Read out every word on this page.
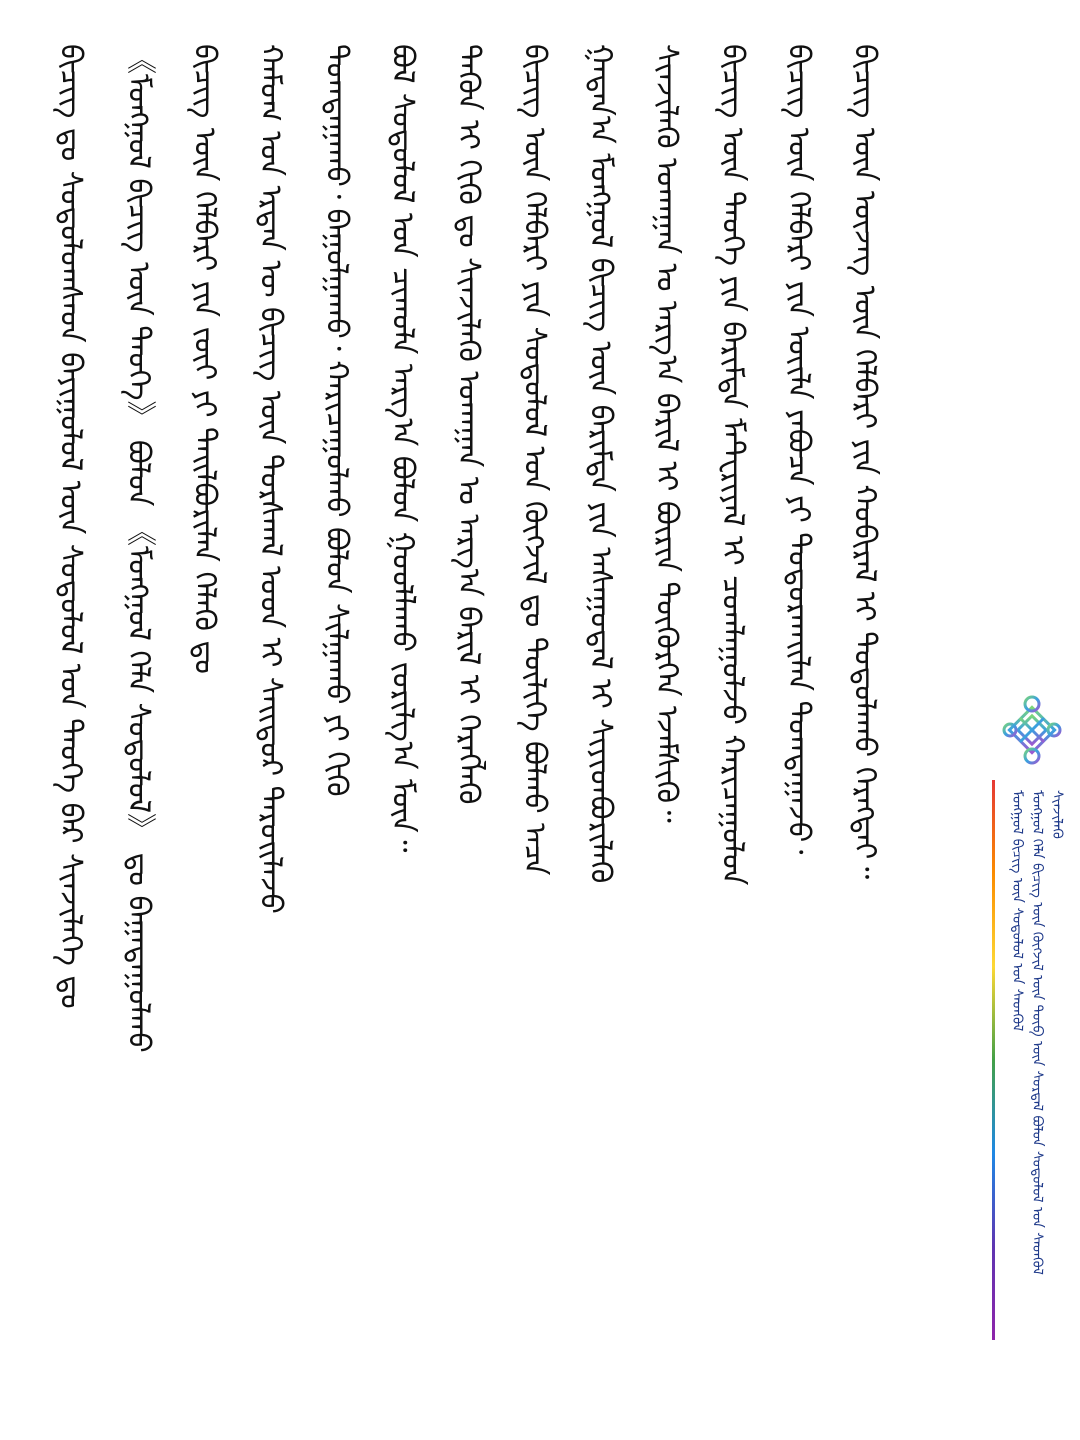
ᠪᠢᠴᠢᠭ ᠳᠤ ᠰᠤᠳᠤᠯᠤᠭᠰᠠᠳ ᠪᠠᠶᠢᠭᠤᠯᠤᠯ ᠦᠨ ᠰᠤᠳᠤᠯᠤᠯ ᠤᠨ ᠲᠡᠦᠬᠡ ᠪᠡᠷ ᠰᠢᠨᠵᠢᠯᠡᠭᠡ ᠳᠤ 《ᠮᠣᠩᠭᠣᠯ ᠪᠢᠴᠢᠭ ᠦᠨ ᠲᠡᠦᠬᠡ》 ᠪᠣᠯᠤᠨ 《ᠮᠣᠩᠭᠣᠯ ᠬᠡᠯᠡ ᠰᠤᠳᠤᠯᠤᠯ》 ᠳᠤ ᠪᠠᠭᠠᠲᠠᠭᠤᠯᠬᠤ ᠪᠢᠴᠢᠭ ᠦᠨ ᠬᠡᠯᠪᠡᠷᠢ ᠶᠢᠨ ᠵᠦᠢ ᠶᠢ ᠲᠠᠢᠯᠪᠤᠷᠢᠯᠠᠨ ᠬᠡᠯᠡᠬᠦ ᠳᠤ ᠬᠠᠮᠤᠭ ᠤᠨ ᠡᠷᠲᠡᠨ ᠦ ᠪᠢᠴᠢᠭ ᠦᠨ ᠳᠤᠷᠰᠬᠠᠯ ᠤᠳ ᠢ ᠰᠠᠢᠲᠤᠷ ᠳᠠᠷᠤᠢᠯᠠᠵᠤ ᠲᠣᠭᠲᠠᠭᠠᠬᠤ᠂ ᠪᠠᠭᠤᠯᠭᠠᠬᠤ᠂ ᠬᠠᠷᠢᠴᠠᠭᠤᠯᠬᠤ ᠪᠣᠯᠤᠨ ᠰᠢᠯᠭᠠᠬᠤ ᠶᠢ ᠬᠢᠬᠦ ᠪᠣᠯ ᠰᠤᠳᠤᠯᠤᠯ ᠤᠨ ᠴᠢᠬᠤᠯᠠ ᠠᠷᠭ᠎ᠠ ᠪᠣᠯᠤᠨ ᠭᠣᠣᠯᠯᠠᠬᠤ ᠵᠣᠷᠢᠯᠭ᠎ᠠ ᠮᠥᠨ᠃ ᠲᠡᠭᠦᠨ ᠢ ᠬᠢᠬᠦ ᠳᠤ ᠰᠢᠨᠵᠢᠯᠡᠬᠦ ᠤᠬᠠᠭᠠᠨ ᠤ ᠠᠷᠭ᠎ᠠ ᠪᠠᠷᠢᠯ ᠢ ᠬᠡᠷᠡᠭᠯᠡᠬᠦ ᠪᠢᠴᠢᠭ ᠦᠨ ᠬᠡᠯᠪᠡᠷᠢ ᠶᠢᠨ ᠰᠤᠳᠤᠯᠤᠯ ᠤᠨ ᠬᠥᠭᠵᠢᠯ ᠳᠤ ᠳᠦᠯᠢᠭᠡ ᠪᠣᠯᠬᠤ ᠠᠴᠠ ᠭᠠᠳᠠᠨ᠎ᠠ ᠮᠣᠩᠭᠣᠯ ᠪᠢᠴᠢᠭ ᠦᠨ ᠪᠠᠷᠢᠮᠲᠠ ᠶᠢᠨ ᠠᠰᠠᠭᠤᠳᠠᠯ ᠢ ᠰᠢᠶᠢᠳᠪᠦᠷᠢᠯᠡᠬᠦ ᠰᠢᠨᠵᠢᠯᠡᠬᠦ ᠤᠬᠠᠭᠠᠨ ᠤ ᠠᠷᠭ᠎ᠠ ᠪᠠᠷᠢᠯ ᠢ ᠪᠦᠷᠢᠨ ᠳᠦᠭᠦᠷᠭᠡᠨ ᠡᠵᠡᠮᠰᠢᠬᠦ᠃ ᠪᠢᠴᠢᠭ ᠦᠨ ᠲᠡᠦᠬᠡ ᠶᠢᠨ ᠪᠠᠷᠢᠮᠲᠠ ᠮᠠᠲᠧᠷᠢᠶᠠᠯ ᠢ ᠴᠤᠭᠯᠠᠭᠤᠯᠵᠤ ᠬᠠᠷᠢᠴᠠᠭᠤᠯᠤᠨ ᠪᠢᠴᠢᠭ ᠦᠨ ᠬᠡᠯᠪᠡᠷᠢ ᠶᠢᠨ ᠦᠢᠯᠡ ᠶᠠᠪᠤᠴᠠ ᠶᠢ ᠲᠣᠳᠣᠷᠬᠠᠢᠯᠠᠨ ᠲᠣᠭᠲᠠᠭᠠᠵᠤ᠂ ᠪᠢᠴᠢᠭ ᠦᠨ ᠦᠵᠡᠭ ᠦᠨ ᠬᠡᠯᠪᠡᠷᠢ ᠶᠢᠨ ᠬᠤᠪᠢᠷᠠᠯ ᠢ ᠲᠣᠳᠣᠯᠠᠬᠤ ᠬᠡᠷᠡᠭᠲᠡᠢ᠃
ᠮᠣᠩᠭᠣᠯ ᠪᠢᠴᠢᠭ ᠦᠨ ᠰᠤᠳᠤᠯᠤᠯ ᠤᠨ ᠰᠡᠳᠬᠦᠯ ᠮᠣᠩᠭᠣᠯ ᠬᠡᠯᠡ ᠪᠢᠴᠢᠭ ᠦᠨ ᠬᠥᠭᠵᠢᠯ ᠦᠨ ᠲᠥᠪ ᠦᠨ ᠰᠤᠷᠲᠠᠯ ᠪᠣᠯᠤᠨ ᠰᠤᠳᠤᠯᠤᠯ ᠤᠨ ᠰᠡᠳᠬᠦᠯ ᠰᠢᠨᠵᠢᠯᠡᠬᠦ
